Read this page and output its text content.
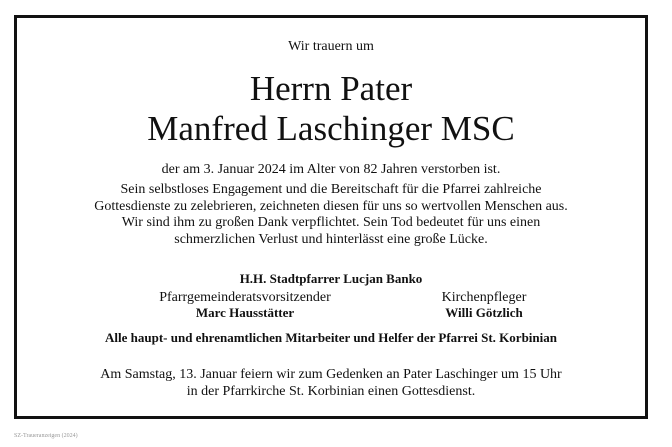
Wir trauern um
Herrn Pater
Manfred Laschinger MSC
der am 3. Januar 2024 im Alter von 82 Jahren verstorben ist.
Sein selbstloses Engagement und die Bereitschaft für die Pfarrei zahlreiche
Gottesdienste zu zelebrieren, zeichneten diesen für uns so wertvollen Menschen aus.
Wir sind ihm zu großen Dank verpflichtet. Sein Tod bedeutet für uns einen
schmerzlichen Verlust und hinterlässt eine große Lücke.
H.H. Stadtpfarrer Lucjan Banko
Pfarrgemeinderatsvorsitzender
Marc Hausstätter
Kirchenpfleger
Willi Götzlich
Alle haupt- und ehrenamtlichen Mitarbeiter und Helfer der Pfarrei St. Korbinian
Am Samstag, 13. Januar feiern wir zum Gedenken an Pater Laschinger um 15 Uhr
in der Pfarrkirche St. Korbinian einen Gottesdienst.
SZ-Traueranzeigen (2024)
